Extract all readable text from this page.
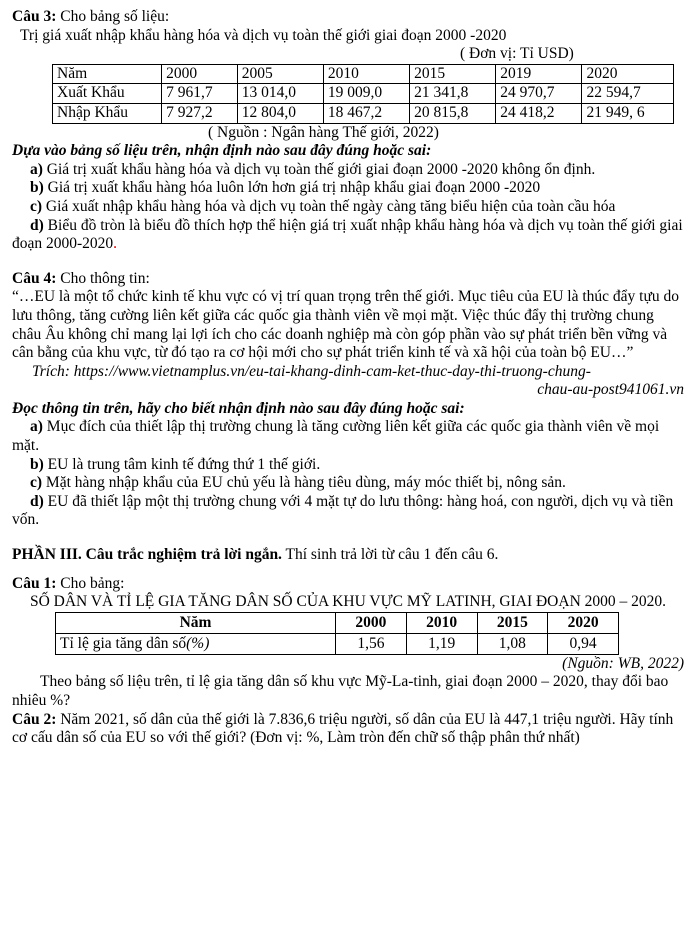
Câu 3: Cho bảng số liệu:

Trị giá xuất nhập khẩu hàng hóa và dịch vụ toàn thế giới giai đoạn 2000 -2020

( Đơn vị: Tỉ USD)

Năm	2000	2005	2010	2015	2019	2020
Xuất Khẩu	7 961,7	13 014,0	19 009,0	21 341,8	24 970,7	22 594,7
Nhập Khẩu	7 927,2	12 804,0	18 467,2	20 815,8	24 418,2	21 949, 6

( Nguồn : Ngân hàng Thế giới, 2022)

Dựa vào bảng số liệu trên, nhận định nào sau đây đúng hoặc sai:

a) Giá trị xuất khẩu hàng hóa và dịch vụ toàn thế giới giai đoạn 2000 -2020 không ổn định.

b) Giá trị xuất khẩu hàng hóa luôn lớn hơn giá trị nhập khẩu giai đoạn 2000 -2020

c) Giá xuất nhập khẩu hàng hóa và dịch vụ toàn thế ngày càng tăng biểu hiện của toàn cầu hóa

d) Biểu đồ tròn là biểu đồ thích hợp thể hiện giá trị xuất nhập khẩu hàng hóa và dịch vụ toàn thế giới giai đoạn 2000-2020.

Câu 4: Cho thông tin:

“…EU là một tổ chức kinh tế khu vực có vị trí quan trọng trên thế giới. Mục tiêu của EU là thúc đẩy tựu do lưu thông, tăng cường liên kết giữa các quốc gia thành viên về mọi mặt. Việc thúc đẩy thị trường chung châu Âu không chỉ mang lại lợi ích cho các doanh nghiệp mà còn góp phần vào sự phát triển bền vững và cân bằng của khu vực, từ đó tạo ra cơ hội mới cho sự phát triển kinh tế và xã hội của toàn bộ EU…”

Trích: https://www.vietnamplus.vn/eu-tai-khang-dinh-cam-ket-thuc-day-thi-truong-chung-

chau-au-post941061.vn

Đọc thông tin trên, hãy cho biết nhận định nào sau đây đúng hoặc sai:

a) Mục đích của thiết lập thị trường chung là tăng cường liên kết giữa các quốc gia thành viên về mọi mặt.

b) EU là trung tâm kinh tế đứng thứ 1 thế giới.

c) Mặt hàng nhập khẩu của EU chủ yếu là hàng tiêu dùng, máy móc thiết bị, nông sản.

d) EU đã thiết lập một thị trường chung với 4 mặt tự do lưu thông: hàng hoá, con người, dịch vụ và tiền vốn.

PHẦN III. Câu trắc nghiệm trả lời ngắn. Thí sinh trả lời từ câu 1 đến câu 6.

Câu 1: Cho bảng:

SỐ DÂN VÀ TỈ LỆ GIA TĂNG DÂN SỐ CỦA KHU VỰC MỸ LATINH, GIAI ĐOẠN 2000 – 2020.

Năm	2000	2010	2015	2020
Tỉ lệ gia tăng dân số(%)	1,56	1,19	1,08	0,94

(Nguồn: WB, 2022)

Theo bảng số liệu trên, tỉ lệ gia tăng dân số khu vực Mỹ-La-tinh, giai đoạn 2000 – 2020, thay đổi bao nhiêu %?

Câu 2: Năm 2021, số dân của thế giới là 7.836,6 triệu người, số dân của EU là 447,1 triệu người. Hãy tính cơ cấu dân số của EU so với thế giới? (Đơn vị: %, Làm tròn đến chữ số thập phân thứ nhất)
